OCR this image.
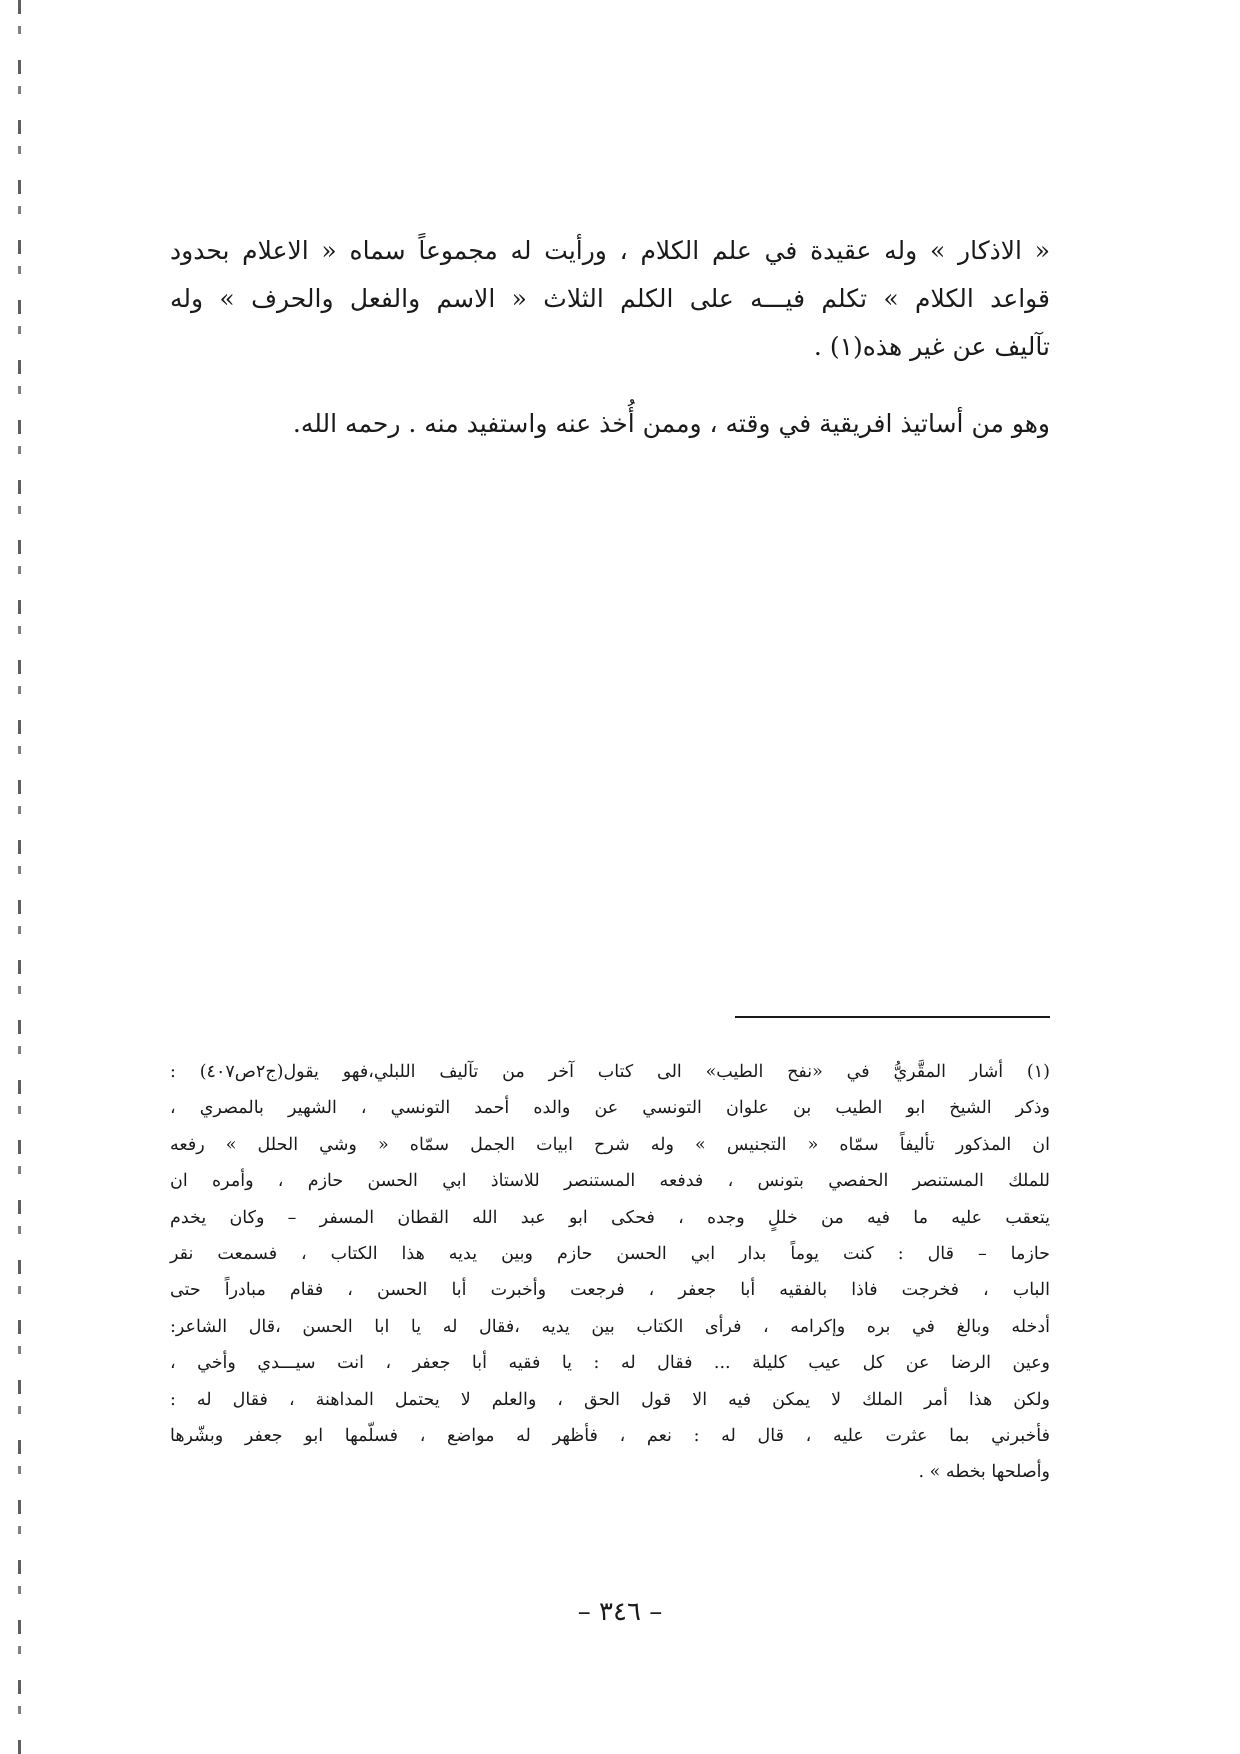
« الاذكار » وله عقيدة في علم الكلام ، ورأيت له مجموعاً سماه « الاعلام بحدود
قواعد الكلام » تكلم فيـــه على الكلم الثلاث « الاسم والفعل والحرف » وله
تآليف عن غير هذه(١) .
وهو من أساتيذ افريقية في وقته ، وممن أُخذ عنه واستفيد منه . رحمه الله.
(١) أشار المقَّريُّ في «نفح الطيب» الى كتاب آخر من تآليف اللبلي،فهو يقول(ج٢ص٤٠٧) :
وذكر الشيخ ابو الطيب بن علوان التونسي عن والده أحمد التونسي ، الشهير بالمصري ،
ان المذكور تأليفاً سمّاه « التجنيس » وله شرح ابيات الجمل سمّاه « وشي الحلل » رفعه
للملك المستنصر الحفصي بتونس ، فدفعه المستنصر للاستاذ ابي الحسن حازم ، وأمره ان
يتعقب عليه ما فيه من خللٍ وجده ، فحكى ابو عبد الله القطان المسفر – وكان يخدم
حازما – قال : كنت يوماً بدار ابي الحسن حازم وبين يديه هذا الكتاب ، فسمعت نقر
الباب ، فخرجت فاذا بالفقيه أبا جعفر ، فرجعت وأخبرت أبا الحسن ، فقام مبادراً حتى
أدخله وبالغ في بره وإكرامه ، فرأى الكتاب بين يديه ،فقال له يا ابا الحسن ،قال الشاعر:
وعين الرضا عن كل عيب كليلة ... فقال له : يا فقيه أبا جعفر ، انت سيـــدي وأخي ،
ولكن هذا أمر الملك لا يمكن فيه الا قول الحق ، والعلم لا يحتمل المداهنة ، فقال له :
فأخبرني بما عثرت عليه ، قال له : نعم ، فأظهر له مواضع ، فسلّمها ابو جعفر وبشّرها
وأصلحها بخطه » .
– ٣٤٦ –
